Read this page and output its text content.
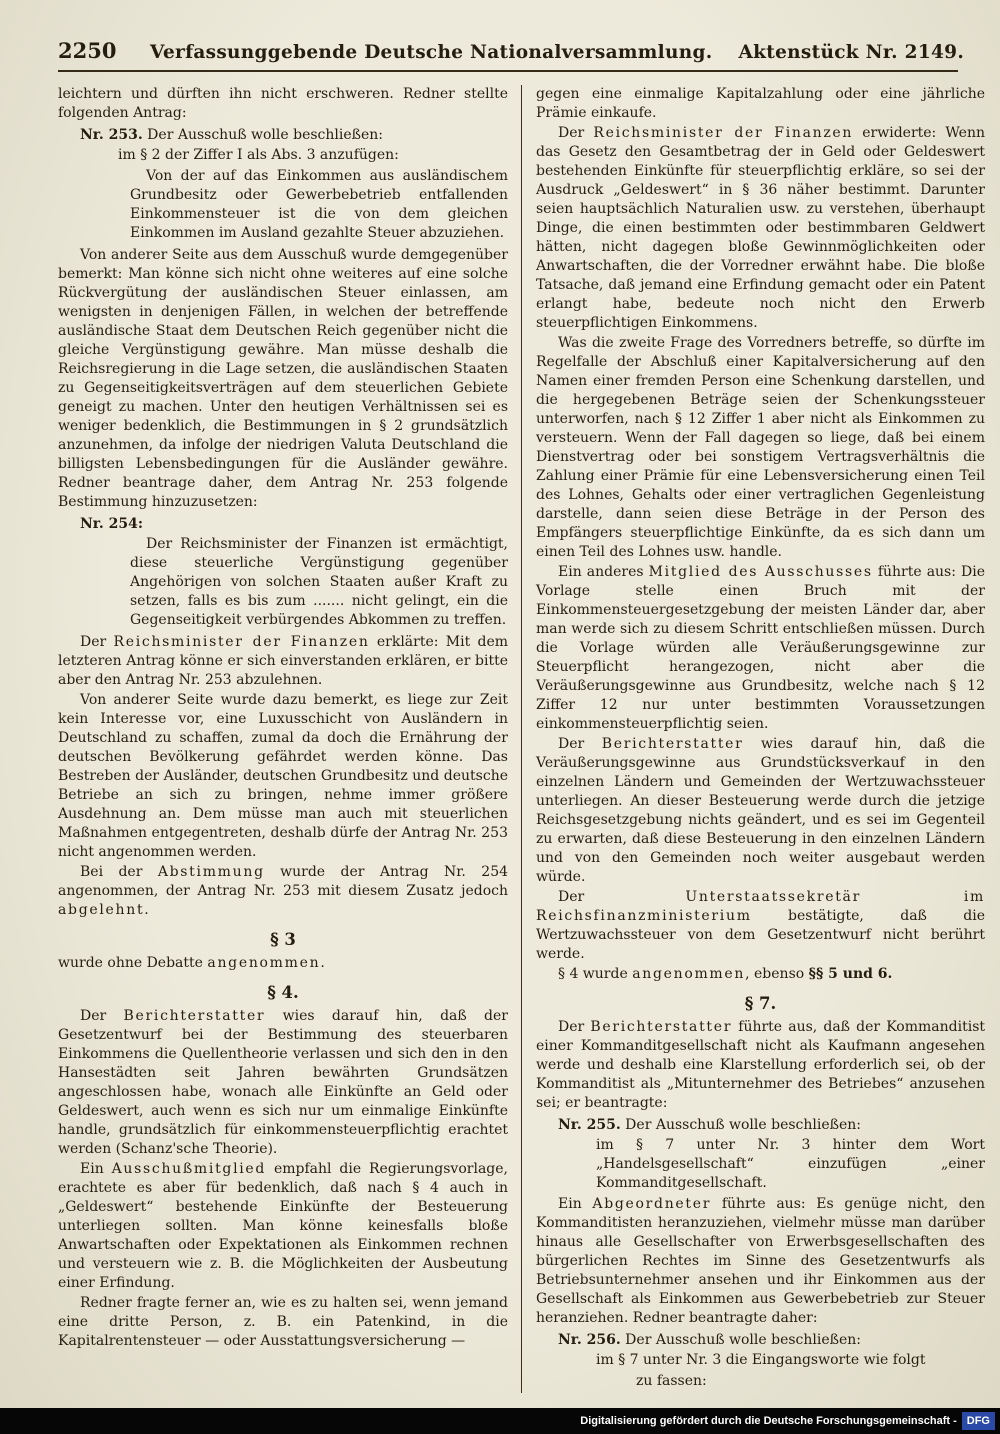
2250	Verfassunggebende Deutsche Nationalversammlung. Aktenstück Nr. 2149.

leichtern und dürften ihn nicht erschweren. Redner stellte folgenden Antrag:

Nr. 253. Der Ausschuß wolle beschließen:

im § 2 der Ziffer I als Abs. 3 anzufügen:

Von der auf das Einkommen aus ausländischem Grundbesitz oder Gewerbebetrieb entfallenden Einkommensteuer ist die von dem gleichen Einkommen im Ausland gezahlte Steuer abzuziehen.

Von anderer Seite aus dem Ausschuß wurde demgegenüber bemerkt: Man könne sich nicht ohne weiteres auf eine solche Rückvergütung der ausländischen Steuer einlassen, am wenigsten in denjenigen Fällen, in welchen der betreffende ausländische Staat dem Deutschen Reich gegenüber nicht die gleiche Vergünstigung gewähre. Man müsse deshalb die Reichsregierung in die Lage setzen, die ausländischen Staaten zu Gegenseitigkeitsverträgen auf dem steuerlichen Gebiete geneigt zu machen. Unter den heutigen Verhältnissen sei es weniger bedenklich, die Bestimmungen in § 2 grundsätzlich anzunehmen, da infolge der niedrigen Valuta Deutschland die billigsten Lebensbedingungen für die Ausländer gewähre. Redner beantrage daher, dem Antrag Nr. 253 folgende Bestimmung hinzuzusetzen:

Nr. 254:

Der Reichsminister der Finanzen ist ermächtigt, diese steuerliche Vergünstigung gegenüber Angehörigen von solchen Staaten außer Kraft zu setzen, falls es bis zum ....... nicht gelingt, ein die Gegenseitigkeit verbürgendes Abkommen zu treffen.

Der Reichsminister der Finanzen erklärte: Mit dem letzteren Antrag könne er sich einverstanden erklären, er bitte aber den Antrag Nr. 253 abzulehnen.

Von anderer Seite wurde dazu bemerkt, es liege zur Zeit kein Interesse vor, eine Luxusschicht von Ausländern in Deutschland zu schaffen, zumal da doch die Ernährung der deutschen Bevölkerung gefährdet werden könne. Das Bestreben der Ausländer, deutschen Grundbesitz und deutsche Betriebe an sich zu bringen, nehme immer größere Ausdehnung an. Dem müsse man auch mit steuerlichen Maßnahmen entgegentreten, deshalb dürfe der Antrag Nr. 253 nicht angenommen werden.

Bei der Abstimmung wurde der Antrag Nr. 254 angenommen, der Antrag Nr. 253 mit diesem Zusatz jedoch abgelehnt.

§ 3

wurde ohne Debatte angenommen.

§ 4.

Der Berichterstatter wies darauf hin, daß der Gesetzentwurf bei der Bestimmung des steuerbaren Einkommens die Quellentheorie verlassen und sich den in den Hansestädten seit Jahren bewährten Grundsätzen angeschlossen habe, wonach alle Einkünfte an Geld oder Geldeswert, auch wenn es sich nur um einmalige Einkünfte handle, grundsätzlich für einkommensteuerpflichtig erachtet werden (Schanz'sche Theorie).

Ein Ausschußmitglied empfahl die Regierungsvorlage, erachtete es aber für bedenklich, daß nach § 4 auch in „Geldeswert“ bestehende Einkünfte der Besteuerung unterliegen sollten. Man könne keinesfalls bloße Anwartschaften oder Expektationen als Einkommen rechnen und versteuern wie z. B. die Möglichkeiten der Ausbeutung einer Erfindung.

Redner fragte ferner an, wie es zu halten sei, wenn jemand eine dritte Person, z. B. ein Patenkind, in die Kapitalrentensteuer — oder Ausstattungsversicherung —

gegen eine einmalige Kapitalzahlung oder eine jährliche Prämie einkaufe.

Der Reichsminister der Finanzen erwiderte: Wenn das Gesetz den Gesamtbetrag der in Geld oder Geldeswert bestehenden Einkünfte für steuerpflichtig erkläre, so sei der Ausdruck „Geldeswert“ in § 36 näher bestimmt. Darunter seien hauptsächlich Naturalien usw. zu verstehen, überhaupt Dinge, die einen bestimmten oder bestimmbaren Geldwert hätten, nicht dagegen bloße Gewinnmöglichkeiten oder Anwartschaften, die der Vorredner erwähnt habe. Die bloße Tatsache, daß jemand eine Erfindung gemacht oder ein Patent erlangt habe, bedeute noch nicht den Erwerb steuerpflichtigen Einkommens.

Was die zweite Frage des Vorredners betreffe, so dürfte im Regelfalle der Abschluß einer Kapitalversicherung auf den Namen einer fremden Person eine Schenkung darstellen, und die hergegebenen Beträge seien der Schenkungssteuer unterworfen, nach § 12 Ziffer 1 aber nicht als Einkommen zu versteuern. Wenn der Fall dagegen so liege, daß bei einem Dienstvertrag oder bei sonstigem Vertragsverhältnis die Zahlung einer Prämie für eine Lebensversicherung einen Teil des Lohnes, Gehalts oder einer vertraglichen Gegenleistung darstelle, dann seien diese Beträge in der Person des Empfängers steuerpflichtige Einkünfte, da es sich dann um einen Teil des Lohnes usw. handle.

Ein anderes Mitglied des Ausschusses führte aus: Die Vorlage stelle einen Bruch mit der Einkommensteuergesetzgebung der meisten Länder dar, aber man werde sich zu diesem Schritt entschließen müssen. Durch die Vorlage würden alle Veräußerungsgewinne zur Steuerpflicht herangezogen, nicht aber die Veräußerungsgewinne aus Grundbesitz, welche nach § 12 Ziffer 12 nur unter bestimmten Voraussetzungen einkommensteuerpflichtig seien.

Der Berichterstatter wies darauf hin, daß die Veräußerungsgewinne aus Grundstücksverkauf in den einzelnen Ländern und Gemeinden der Wertzuwachssteuer unterliegen. An dieser Besteuerung werde durch die jetzige Reichsgesetzgebung nichts geändert, und es sei im Gegenteil zu erwarten, daß diese Besteuerung in den einzelnen Ländern und von den Gemeinden noch weiter ausgebaut werden würde.

Der Unterstaatssekretär im Reichsfinanzministerium bestätigte, daß die Wertzuwachssteuer von dem Gesetzentwurf nicht berührt werde.

§ 4 wurde angenommen, ebenso §§ 5 und 6.

§ 7.

Der Berichterstatter führte aus, daß der Kommanditist einer Kommanditgesellschaft nicht als Kaufmann angesehen werde und deshalb eine Klarstellung erforderlich sei, ob der Kommanditist als „Mitunternehmer des Betriebes“ anzusehen sei; er beantragte:

Nr. 255. Der Ausschuß wolle beschließen:

im § 7 unter Nr. 3 hinter dem Wort „Handelsgesellschaft“ einzufügen „einer Kommanditgesellschaft.

Ein Abgeordneter führte aus: Es genüge nicht, den Kommanditisten heranzuziehen, vielmehr müsse man darüber hinaus alle Gesellschafter von Erwerbsgesellschaften des bürgerlichen Rechtes im Sinne des Gesetzentwurfs als Betriebsunternehmer ansehen und ihr Einkommen aus der Gesellschaft als Einkommen aus Gewerbebetrieb zur Steuer heranziehen. Redner beantragte daher:

Nr. 256. Der Ausschuß wolle beschließen:

im § 7 unter Nr. 3 die Eingangsworte wie folgt

zu fassen:

Digitalisierung gefördert durch die Deutsche Forschungsgemeinschaft - DFG
